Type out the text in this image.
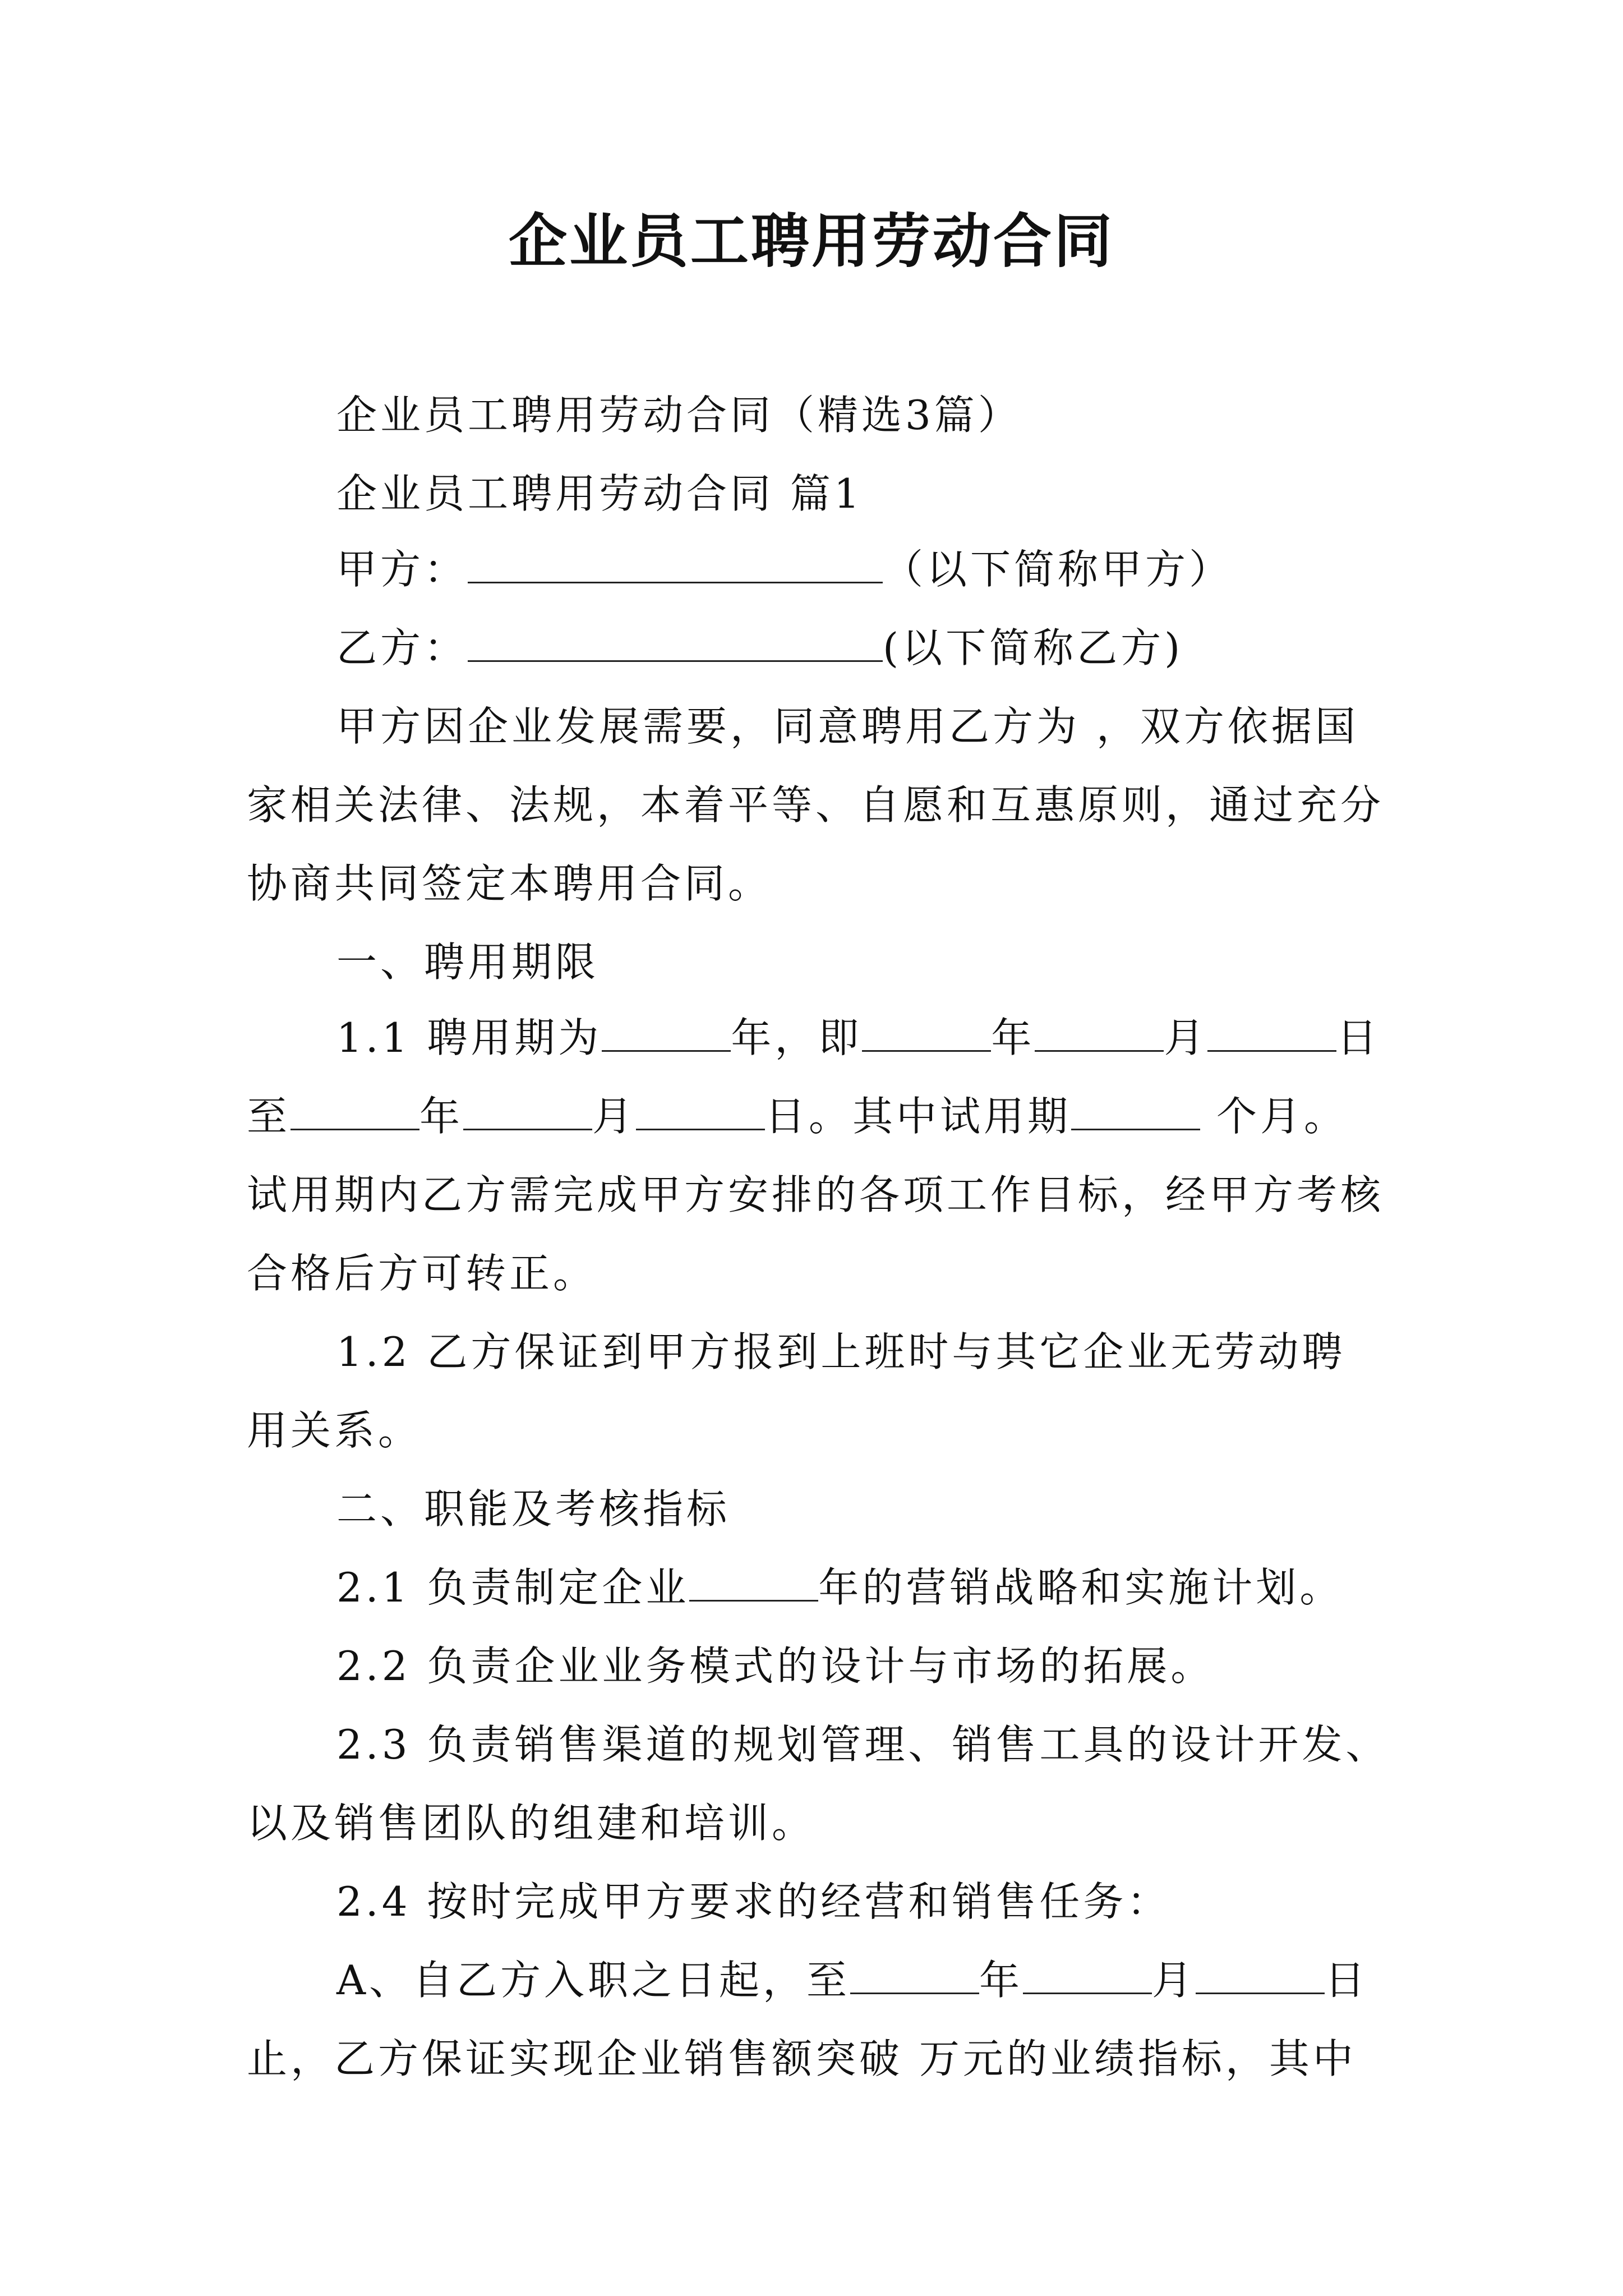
企业员工聘用劳动合同
企业员工聘用劳动合同（精选3篇）
企业员工聘用劳动合同 篇1
甲方：	（以下简称甲方）
乙方：	(以下简称乙方)
甲方因企业发展需要，同意聘用乙方为 ，双方依据国
家相关法律、法规，本着平等、自愿和互惠原则，通过充分
协商共同签定本聘用合同。
一、聘用期限
1.1 聘用期为	年，即	年	月	日
至	年	月	日。其中试用期	个月。
试用期内乙方需完成甲方安排的各项工作目标，经甲方考核
合格后方可转正。
1.2 乙方保证到甲方报到上班时与其它企业无劳动聘
用关系。
二、职能及考核指标
2.1 负责制定企业	年的营销战略和实施计划。
2.2 负责企业业务模式的设计与市场的拓展。
2.3 负责销售渠道的规划管理、销售工具的设计开发、
以及销售团队的组建和培训。
2.4 按时完成甲方要求的经营和销售任务：
A、自乙方入职之日起，至	年	月	日
止，乙方保证实现企业销售额突破 万元的业绩指标，其中
